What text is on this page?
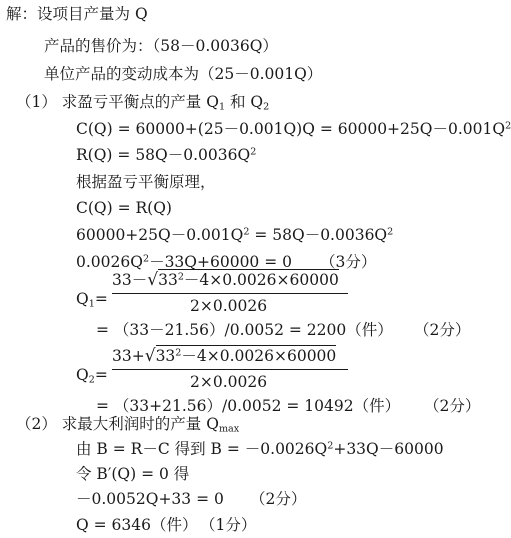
解：设项目产量为 Q
产品的售价为：（58－0.0036Q）
单位产品的变动成本为（25－0.001Q）
（1） 求盈亏平衡点的产量 $Q_1$ 和 $Q_2$
$C(Q) = 60000+(25-0.001Q)Q = 60000+25Q-0.001Q^2$
$R(Q) = 58Q-0.0036Q^2$
根据盈亏平衡原理，
C(Q) = R(Q)
$60000+25Q-0.001Q^2 = 58Q-0.0036Q^2$
$0.0026Q^2-33Q+60000 = 0$ （3分）
$Q_1=$
$33-√33^2-4\times 0.0026\times 60000$
2×0.0026
= （33－21.56）/0.0052 = 2200（件） （2分）
$Q_2=$
$33+√33^2-4\times 0.0026\times 60000$
2×0.0026
= （33+21.56）/0.0052 = 10492（件） （2分）
（2） 求最大利润时的产量 $Q_{max}$
由 B = R－C 得到 $B = -0.0026Q^2+33Q-60000$
令 B′(Q) = 0 得
－0.0052Q+33 = 0 （2分）
Q = 6346（件） （1分）
